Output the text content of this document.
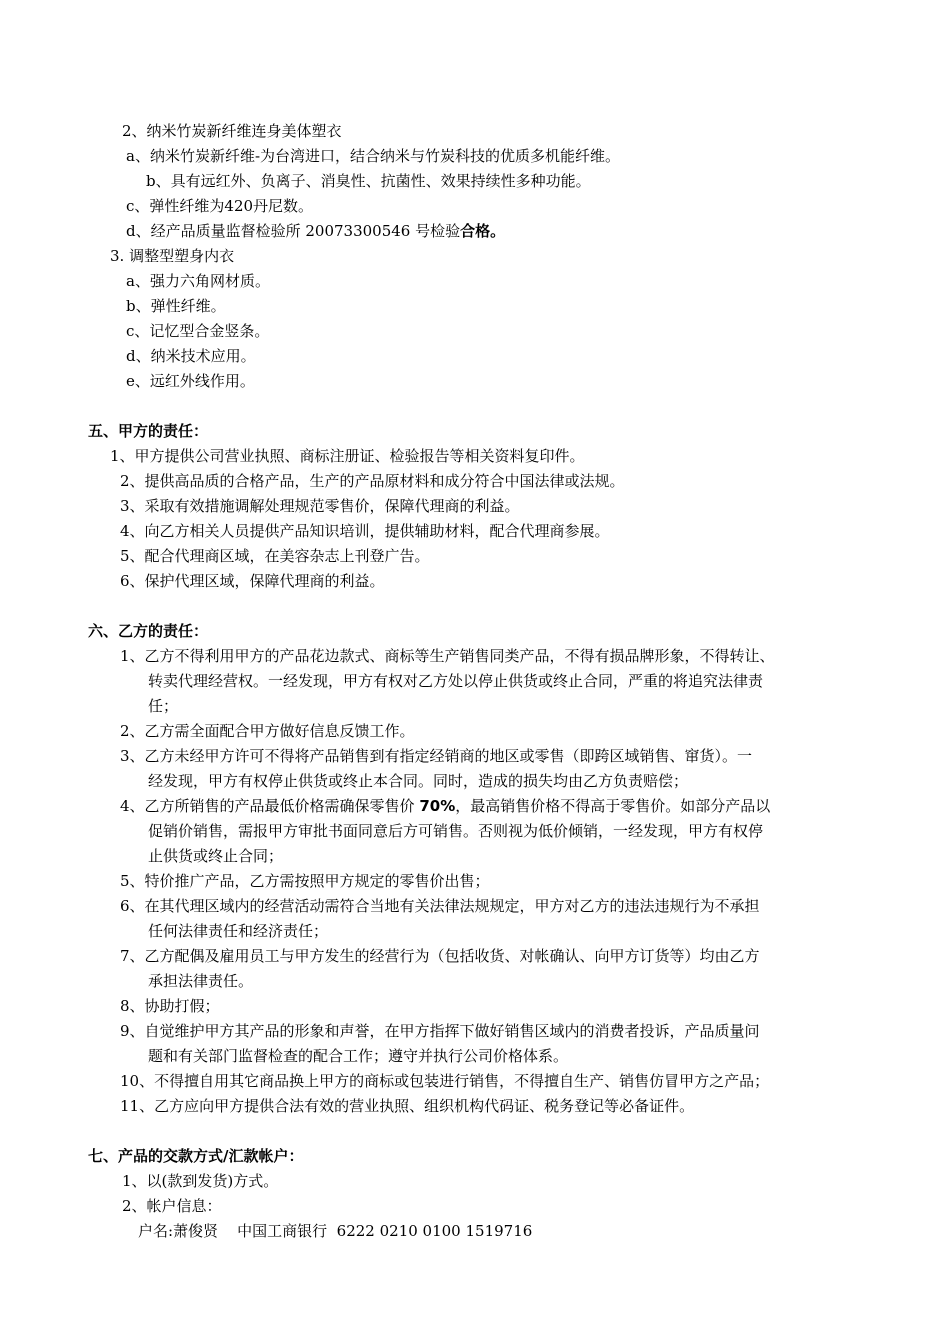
2、纳米竹炭新纤维连身美体塑衣
a、纳米竹炭新纤维-为台湾进口，结合纳米与竹炭科技的优质多机能纤维。
b、具有远红外、负离子、消臭性、抗菌性、效果持续性多种功能。
c、弹性纤维为420丹尼数。
d、经产品质量监督检验所 20073300546 号检验合格。
3. 调整型塑身内衣
a、强力六角网材质。
b、弹性纤维。
c、记忆型合金竖条。
d、纳米技术应用。
e、远红外线作用。
五、甲方的责任：
1、甲方提供公司营业执照、商标注册证、检验报告等相关资料复印件。
2、提供高品质的合格产品，生产的产品原材料和成分符合中国法律或法规。
3、采取有效措施调解处理规范零售价，保障代理商的利益。
4、向乙方相关人员提供产品知识培训，提供辅助材料，配合代理商参展。
5、配合代理商区域，在美容杂志上刊登广告。
6、保护代理区域，保障代理商的利益。
六、乙方的责任：
1、乙方不得利用甲方的产品花边款式、商标等生产销售同类产品，不得有损品牌形象，不得转让、
转卖代理经营权。一经发现，甲方有权对乙方处以停止供货或终止合同，严重的将追究法律责
任；
2、乙方需全面配合甲方做好信息反馈工作。
3、乙方未经甲方许可不得将产品销售到有指定经销商的地区或零售（即跨区域销售、窜货）。一
经发现，甲方有权停止供货或终止本合同。同时，造成的损失均由乙方负责赔偿；
4、乙方所销售的产品最低价格需确保零售价 70%，最高销售价格不得高于零售价。如部分产品以
促销价销售，需报甲方审批书面同意后方可销售。否则视为低价倾销，一经发现，甲方有权停
止供货或终止合同；
5、特价推广产品，乙方需按照甲方规定的零售价出售；
6、在其代理区域内的经营活动需符合当地有关法律法规规定，甲方对乙方的违法违规行为不承担
任何法律责任和经济责任；
7、乙方配偶及雇用员工与甲方发生的经营行为（包括收货、对帐确认、向甲方订货等）均由乙方
承担法律责任。
8、协助打假；
9、自觉维护甲方其产品的形象和声誉，在甲方指挥下做好销售区域内的消费者投诉，产品质量问
题和有关部门监督检查的配合工作；遵守并执行公司价格体系。
10、不得擅自用其它商品换上甲方的商标或包装进行销售，不得擅自生产、销售仿冒甲方之产品；
11、乙方应向甲方提供合法有效的营业执照、组织机构代码证、税务登记等必备证件。
七、产品的交款方式/汇款帐户：
1、以(款到发货)方式。
2、帐户信息：
户名:萧俊贤    中国工商银行  6222 0210 0100 1519716
